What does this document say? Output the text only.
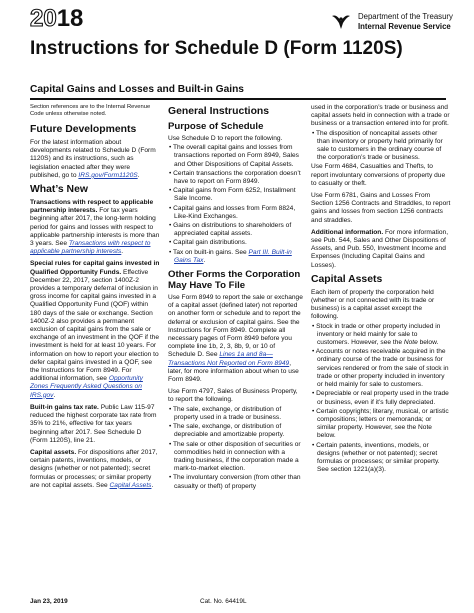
2018	Department of the Treasury
Internal Revenue Service
Instructions for Schedule D (Form 1120S)
Capital Gains and Losses and Built-in Gains

Section references are to the Internal Revenue Code unless otherwise noted.

Future Developments

For the latest information about developments related to Schedule D (Form 1120S) and its instructions, such as legislation enacted after they were published, go to IRS.gov/Form1120S.

What’s New

Transactions with respect to applicable partnership interests. For tax years beginning after 2017, the long-term holding period for gains and losses with respect to applicable partnership interests is more than 3 years. See Transactions with respect to applicable partnership interests.

Special rules for capital gains invested in Qualified Opportunity Funds. Effective December 22, 2017, section 1400Z-2 provides a temporary deferral of inclusion in gross income for capital gains invested in a Qualified Opportunity Fund (QOF) within 180 days of the sale or exchange. Section 1400Z-2 also provides a permanent exclusion of capital gains from the sale or exchange of an investment in the QOF if the investment is held for at least 10 years. For information on how to report your election to defer capital gains invested in a QOF, see the Instructions for Form 8949. For additional information, see Opportunity Zones Frequently Asked Questions on IRS.gov.

Built-in gains tax rate. Public Law 115-97 reduced the highest corporate tax rate from 35% to 21%, effective for tax years beginning after 2017. See Schedule D (Form 1120S), line 21.

Capital assets. For dispositions after 2017, certain patents, inventions, models, or designs (whether or not patented); secret formulas or processes; or similar property are not capital assets. See Capital Assets.

General Instructions
Purpose of Schedule

Use Schedule D to report the following.

• The overall capital gains and losses from transactions reported on Form 8949, Sales and Other Dispositions of Capital Assets.

• Certain transactions the corporation doesn’t have to report on Form 8949.

• Capital gains from Form 6252, Installment Sale Income.

• Capital gains and losses from Form 8824, Like-Kind Exchanges.

• Gains on distributions to shareholders of appreciated capital assets.

• Capital gain distributions.

• Tax on built-in gains. See Part III. Built-in Gains Tax.

Other Forms the Corporation May Have To File

Use Form 8949 to report the sale or exchange of a capital asset (defined later) not reported on another form or schedule and to report the deferral or exclusion of capital gains. See the Instructions for Form 8949. Complete all necessary pages of Form 8949 before you complete line 1b, 2, 3, 8b, 9, or 10 of Schedule D. See Lines 1a and 8a—Transactions Not Reported on Form 8949, later, for more information about when to use Form 8949.

Use Form 4797, Sales of Business Property, to report the following.

• The sale, exchange, or distribution of property used in a trade or business.

• The sale, exchange, or distribution of depreciable and amortizable property.

• The sale or other disposition of securities or commodities held in connection with a trading business, if the corporation made a mark-to-market election.

• The involuntary conversion (from other than casualty or theft) of property

used in the corporation’s trade or business and capital assets held in connection with a trade or business or a transaction entered into for profit.

• The disposition of noncapital assets other than inventory or property held primarily for sale to customers in the ordinary course of the corporation’s trade or business.

Use Form 4684, Casualties and Thefts, to report involuntary conversions of property due to casualty or theft.

Use Form 6781, Gains and Losses From Section 1256 Contracts and Straddles, to report gains and losses from section 1256 contracts and straddles.

Additional information. For more information, see Pub. 544, Sales and Other Dispositions of Assets, and Pub. 550, Investment Income and Expenses (Including Capital Gains and Losses).

Capital Assets

Each item of property the corporation held (whether or not connected with its trade or business) is a capital asset except the following.

• Stock in trade or other property included in inventory or held mainly for sale to customers. However, see the Note below.

• Accounts or notes receivable acquired in the ordinary course of the trade or business for services rendered or from the sale of stock in trade or other property included in inventory or held mainly for sale to customers.

• Depreciable or real property used in the trade or business, even if it’s fully depreciated.

• Certain copyrights; literary, musical, or artistic compositions; letters or memoranda; or similar property. However, see the Note below.

• Certain patents, inventions, models, or designs (whether or not patented); secret formulas or processes; or similar property. See section 1221(a)(3).

Jan 23, 2019	Cat. No. 64419L
